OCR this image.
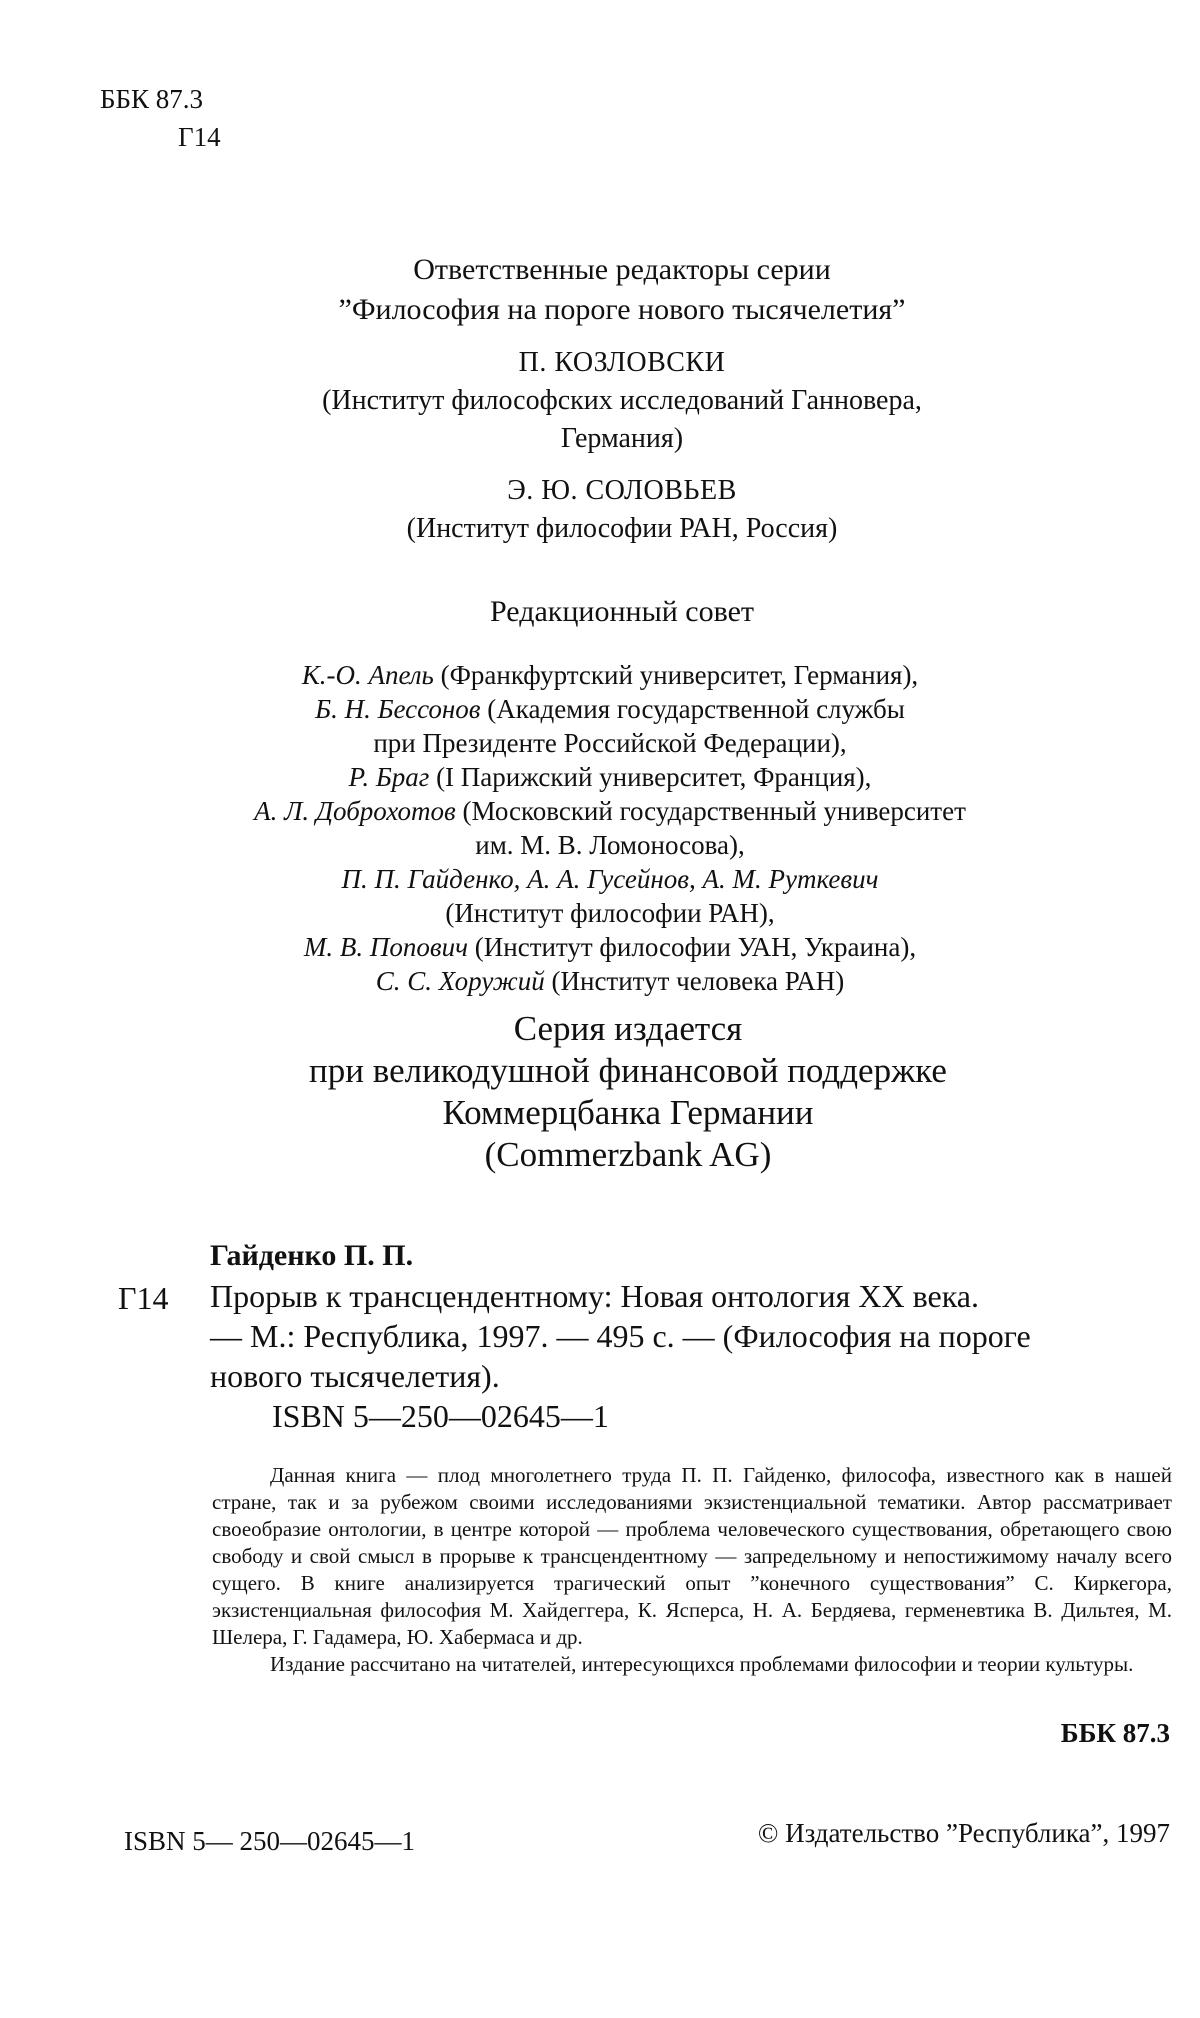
ББК 87.3
Г14
Ответственные редакторы серии
”Философия на пороге нового тысячелетия”
П. КОЗЛОВСКИ
(Институт философских исследований Ганновера,
Германия)
Э. Ю. СОЛОВЬЕВ
(Институт философии РАН, Россия)
Редакционный совет
К.-О. Апель (Франкфуртский университет, Германия),
Б. Н. Бессонов (Академия государственной службы
при Президенте Российской Федерации),
Р. Браг (I Парижский университет, Франция),
А. Л. Доброхотов (Московский государственный университет
им. М. В. Ломоносова),
П. П. Гайденко, А. А. Гусейнов, А. М. Руткевич
(Институт философии РАН),
М. В. Попович (Институт философии УАН, Украина),
С. С. Хоружий (Институт человека РАН)
Серия издается
при великодушной финансовой поддержке
Коммерцбанка Германии
(Commerzbank AG)
Г14
Гайденко П. П.
Прорыв к трансцендентному: Новая онтология XX века.
— М.: Республика, 1997. — 495 с. — (Философия на пороге
нового тысячелетия).
ISBN 5—250—02645—1

Данная книга — плод многолетнего труда П. П. Гайденко, философа, известного как в нашей стране, так и за рубежом своими исследованиями экзистенциальной тематики. Автор рассматривает своеобразие онтологии, в центре которой — проблема человеческого существования, обретающего свою свободу и свой смысл в прорыве к трансцендентному — запредельному и непостижимому началу всего сущего. В книге анализируется трагический опыт ”конечного существования” С. Киркегора, экзистенциальная философия М. Хайдеггера, К. Ясперса, Н. А. Бердяева, герменевтика В. Дильтея, М. Шелера, Г. Гадамера, Ю. Хабермаса и др.

Издание рассчитано на читателей, интересующихся проблемами философии и теории культуры.

ББК 87.3
ISBN 5— 250—02645—1	© Издательство ”Республика”, 1997
